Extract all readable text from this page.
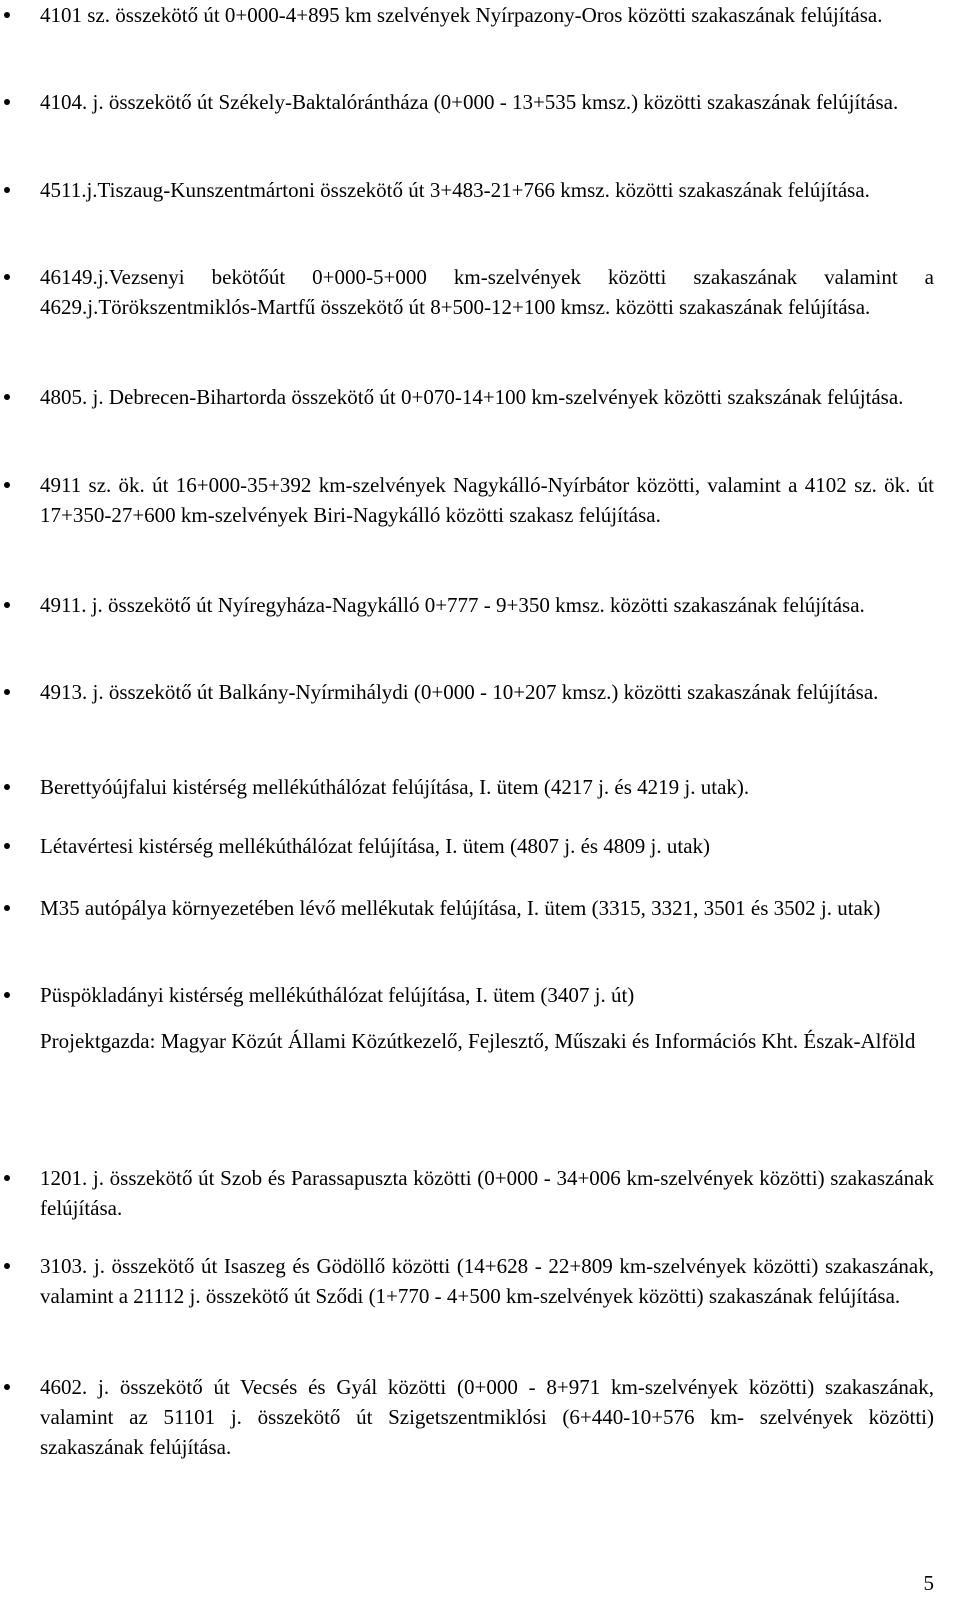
4101 sz. összekötő út 0+000-4+895 km szelvények Nyírpazony-Oros közötti szakaszának felújítása.
4104. j. összekötő út Székely-Baktalórántháza (0+000 - 13+535 kmsz.) közötti szakaszának felújítása.
4511.j.Tiszaug-Kunszentmártoni összekötő út 3+483-21+766 kmsz. közötti szakaszának felújítása.
46149.j.Vezsenyi bekötőút 0+000-5+000 km-szelvények közötti szakaszának valamint a 4629.j.Törökszentmiklós-Martfű összekötő út 8+500-12+100 kmsz. közötti szakaszának felújítása.
4805. j. Debrecen-Bihartorda összekötő út 0+070-14+100 km-szelvények közötti szakszának felújtása.
4911 sz. ök. út 16+000-35+392 km-szelvények Nagykálló-Nyírbátor közötti, valamint a 4102 sz. ök. út 17+350-27+600 km-szelvények Biri-Nagykálló közötti szakasz felújítása.
4911. j. összekötő út Nyíregyháza-Nagykálló 0+777 - 9+350 kmsz. közötti szakaszának felújítása.
4913. j. összekötő út Balkány-Nyírmihálydi (0+000 - 10+207 kmsz.) közötti szakaszának felújítása.
Berettyóújfalui kistérség mellékúthálózat felújítása, I. ütem (4217 j. és 4219 j. utak).
Létavértesi kistérség mellékúthálózat felújítása, I. ütem (4807 j. és 4809 j. utak)
M35 autópálya környezetében lévő mellékutak felújítása, I. ütem (3315, 3321, 3501 és 3502 j. utak)
Püspökladányi kistérség mellékúthálózat felújítása, I. ütem (3407 j. út)

Projektgazda: Magyar Közút Állami Közútkezelő, Fejlesztő, Műszaki és Információs Kht. Észak-Alföld

1201. j. összekötő út Szob és Parassapuszta közötti (0+000 - 34+006 km-szelvények közötti) szakaszának felújítása.
3103. j. összekötő út Isaszeg és Gödöllő közötti (14+628 - 22+809 km-szelvények közötti) szakaszának, valamint a 21112 j. összekötő út Sződi (1+770 - 4+500 km-szelvények közötti) szakaszának felújítása.
4602. j. összekötő út Vecsés és Gyál közötti (0+000 - 8+971 km-szelvények közötti) szakaszának, valamint az 51101 j. összekötő út Szigetszentmiklósi (6+440-10+576 km- szelvények közötti) szakaszának felújítása.
5
